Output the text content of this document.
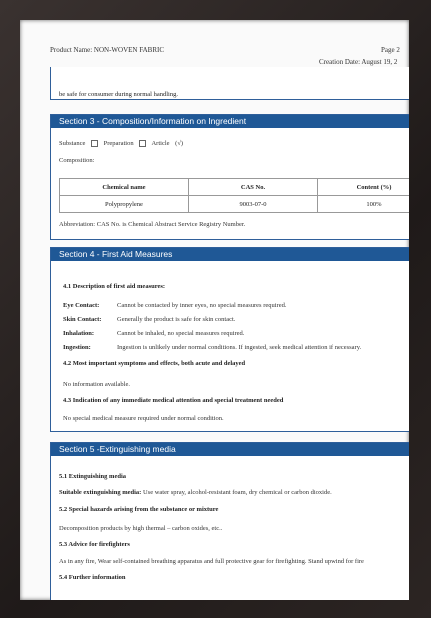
Product Name: NON-WOVEN FABRIC	Page 2
Creation Date: August 19, 2
be safe for consumer during normal handling.
Section 3 - Composition/Information on Ingredient
Substance	Preparation	Article (√)
Composition:
Chemical name	CAS No.	Content (%)
Polypropylene	9003-07-0	100%
Abbreviation: CAS No. is Chemical Abstract Service Registry Number.
Section 4 - First Aid Measures
4.1 Description of first aid measures:
Eye Contact:	Cannot be contacted by inner eyes, no special measures required.
Skin Contact: Generally the product is safe for skin contact.
Inhalation:	Cannot be inhaled, no special measures required.
Ingestion:	Ingestion is unlikely under normal conditions. If ingested, seek medical attention if necessary.
4.2 Most important symptoms and effects, both acute and delayed
No information available.
4.3 Indication of any immediate medical attention and special treatment needed
No special medical measure required under normal condition.
Section 5 -Extinguishing media
5.1 Extinguishing media
Suitable extinguishing media: Use water spray, alcohol-resistant foam, dry chemical or carbon dioxide.
5.2 Special hazards arising from the substance or mixture
Decomposition products by high thermal – carbon oxides, etc..
5.3 Advice for firefighters
As in any fire, Wear self-contained breathing apparatus and full protective gear for firefighting. Stand upwind for fire
5.4 Further information
